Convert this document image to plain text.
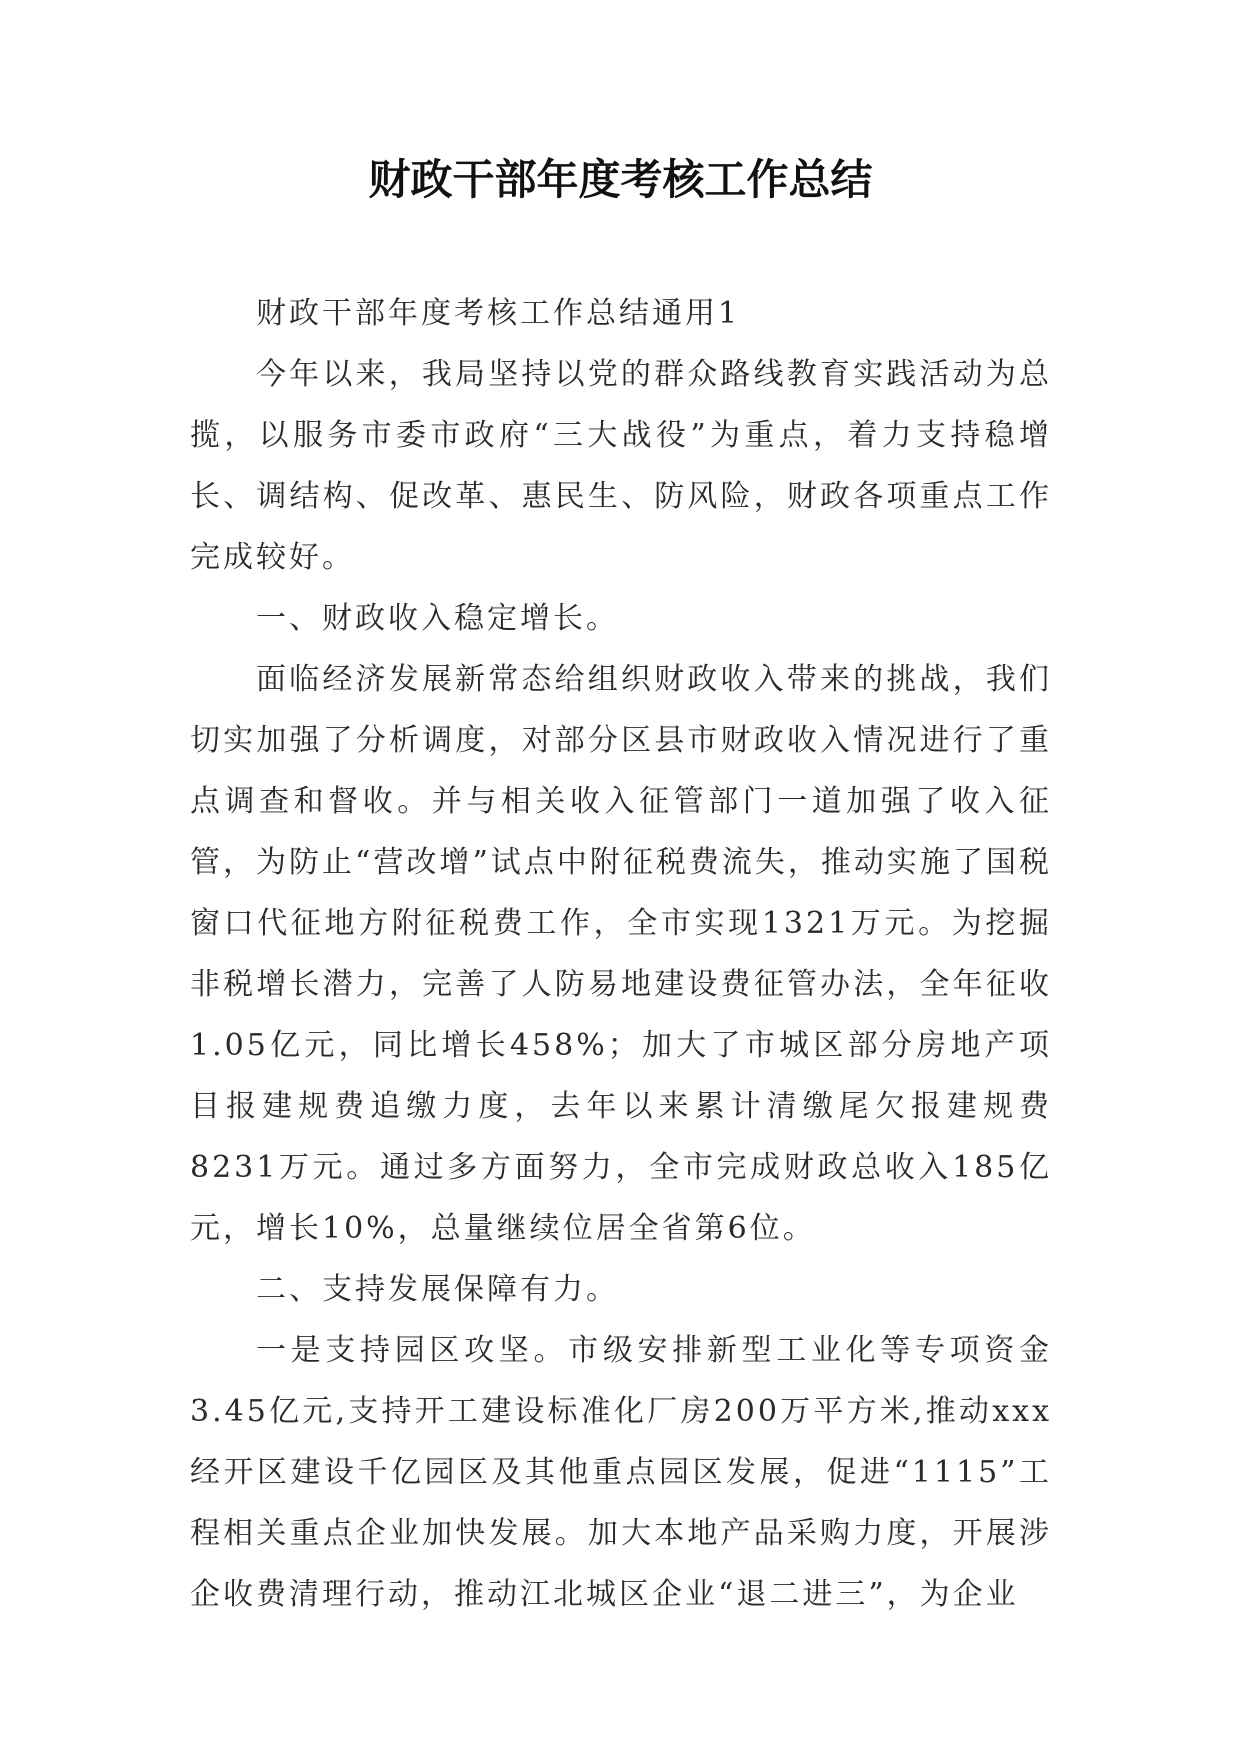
财政干部年度考核工作总结

财政干部年度考核工作总结通用1

今年以来，我局坚持以党的群众路线教育实践活动为总揽，以服务市委市政府“三大战役”为重点，着力支持稳增长、调结构、促改革、惠民生、防风险，财政各项重点工作完成较好。

一、财政收入稳定增长。

面临经济发展新常态给组织财政收入带来的挑战，我们切实加强了分析调度，对部分区县市财政收入情况进行了重点调查和督收。并与相关收入征管部门一道加强了收入征管，为防止“营改增”试点中附征税费流失，推动实施了国税窗口代征地方附征税费工作，全市实现1321万元。为挖掘非税增长潜力，完善了人防易地建设费征管办法，全年征收1.05亿元，同比增长458%；加大了市城区部分房地产项目报建规费追缴力度，去年以来累计清缴尾欠报建规费8231万元。通过多方面努力，全市完成财政总收入185亿元，增长10%，总量继续位居全省第6位。

二、支持发展保障有力。

一是支持园区攻坚。市级安排新型工业化等专项资金3.45亿元,支持开工建设标准化厂房200万平方米,推动xxx经开区建设千亿园区及其他重点园区发展，促进“1115”工程相关重点企业加快发展。加大本地产品采购力度，开展涉企收费清理行动，推动江北城区企业“退二进三”，为企业
